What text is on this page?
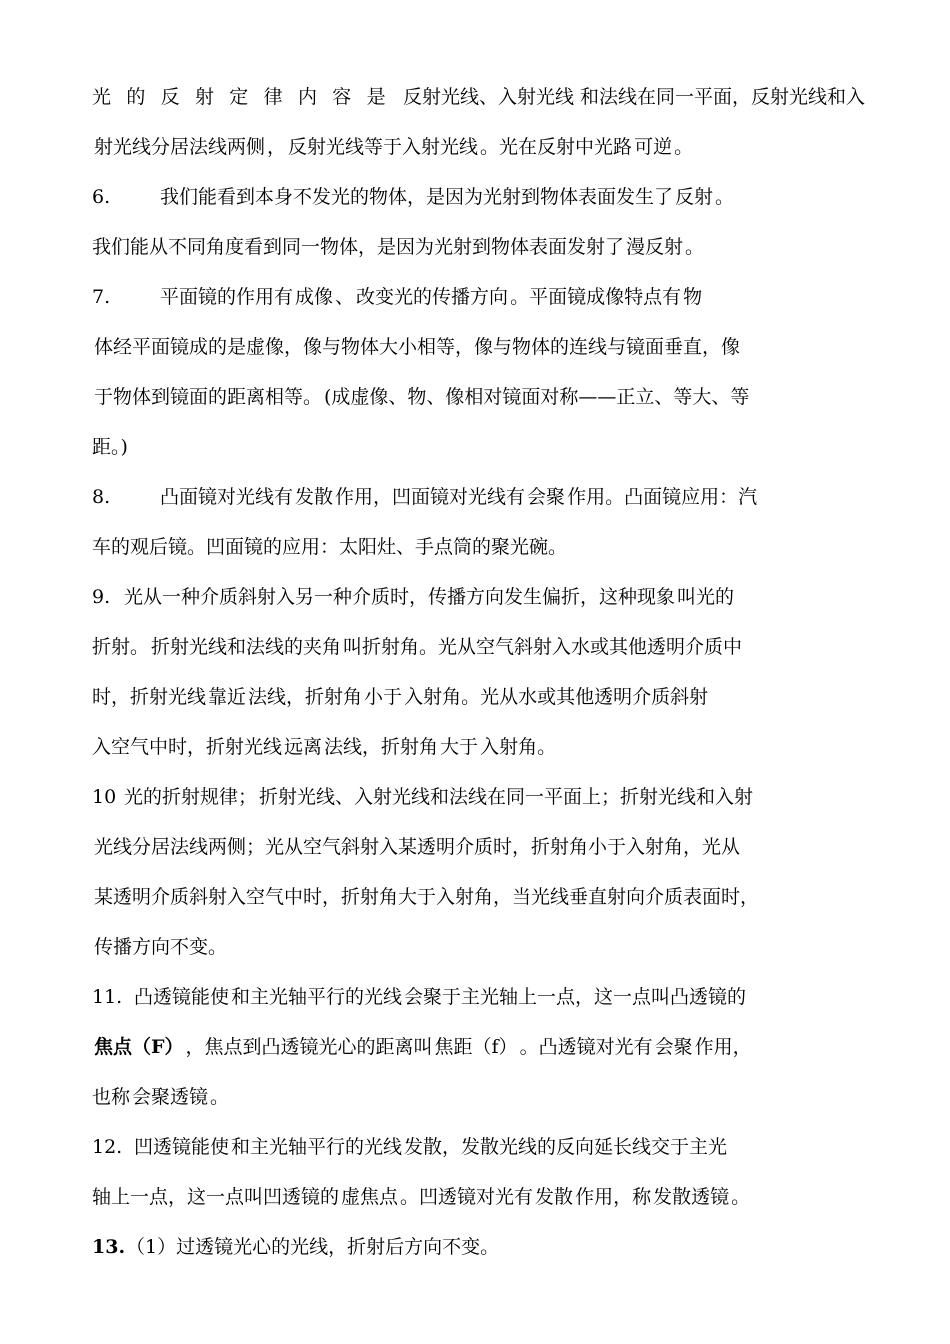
光的反射定律内容是反射光线、入射光线 和法线在同一平面，反射光线和入
射光线分居法线两侧 ， 反射光线等于入射光线 。光在反射中光路 可逆 。
6.	我们能看到本身不发光的物体，是因为光射到物体表面发生了反射。
我们能从不同角度看到同一物体，是因为光射到物体表面发射了漫反射。
7.	平面镜的作用有 成像 、改变光的传播方向。平面镜成像特点有物
体经平面镜成的是虚像，像与物体大小相等，像与物体的连线与镜面垂直，像
于物体到镜面的距离相等。 (成虚像、物、像相对镜面对称——正立、等大、等
距。)
8.	凸面镜对光线有 发散 作用，凹面镜对光线有 会聚 作用。凸面镜应用：汽
车的观后镜。凹面镜的应用：太阳灶、手点筒的聚光碗。
9. 光从一种介质斜射入另一种介质时，传播方向发生偏折，这种现象 叫光的
折射。折射光线和法线的夹角 叫折射角。光从空气斜射入水或其他透明介质中
时，折射光线靠近法线，折射角小于入射角。光从水或其他透明介质斜射
入空气中时，折射光线远离法线，折射角大于入射角。
10 光的折射规律； 折射光线、入射光线和法线在同一平面上；折射光线和入射
光线分居法线两侧；光从空气斜射入某透明介质时，折射角小于入射角，光从
某透明介质斜射入空气中时，折射角大于入射角，当光线垂直射向介质表面时，
传播方向不变。
11. 凸透镜能使和主光轴平行的光线 会聚于主光轴上一点，这一点叫凸透镜的
焦点（F） ，焦点到凸透镜光心的距离叫焦距（f）。凸透镜对光有 会聚 作用，
也称 会聚透镜 。
12. 凹透镜能使和主光轴平行的光线发散，发散光线的反向延长线交于主光
轴上一点，这一点叫凹透镜的 虚焦点 。凹透镜对光有 发散 作用，称 发散透镜 。
13.（1）过透镜光心的光线，折射后方向不变。
